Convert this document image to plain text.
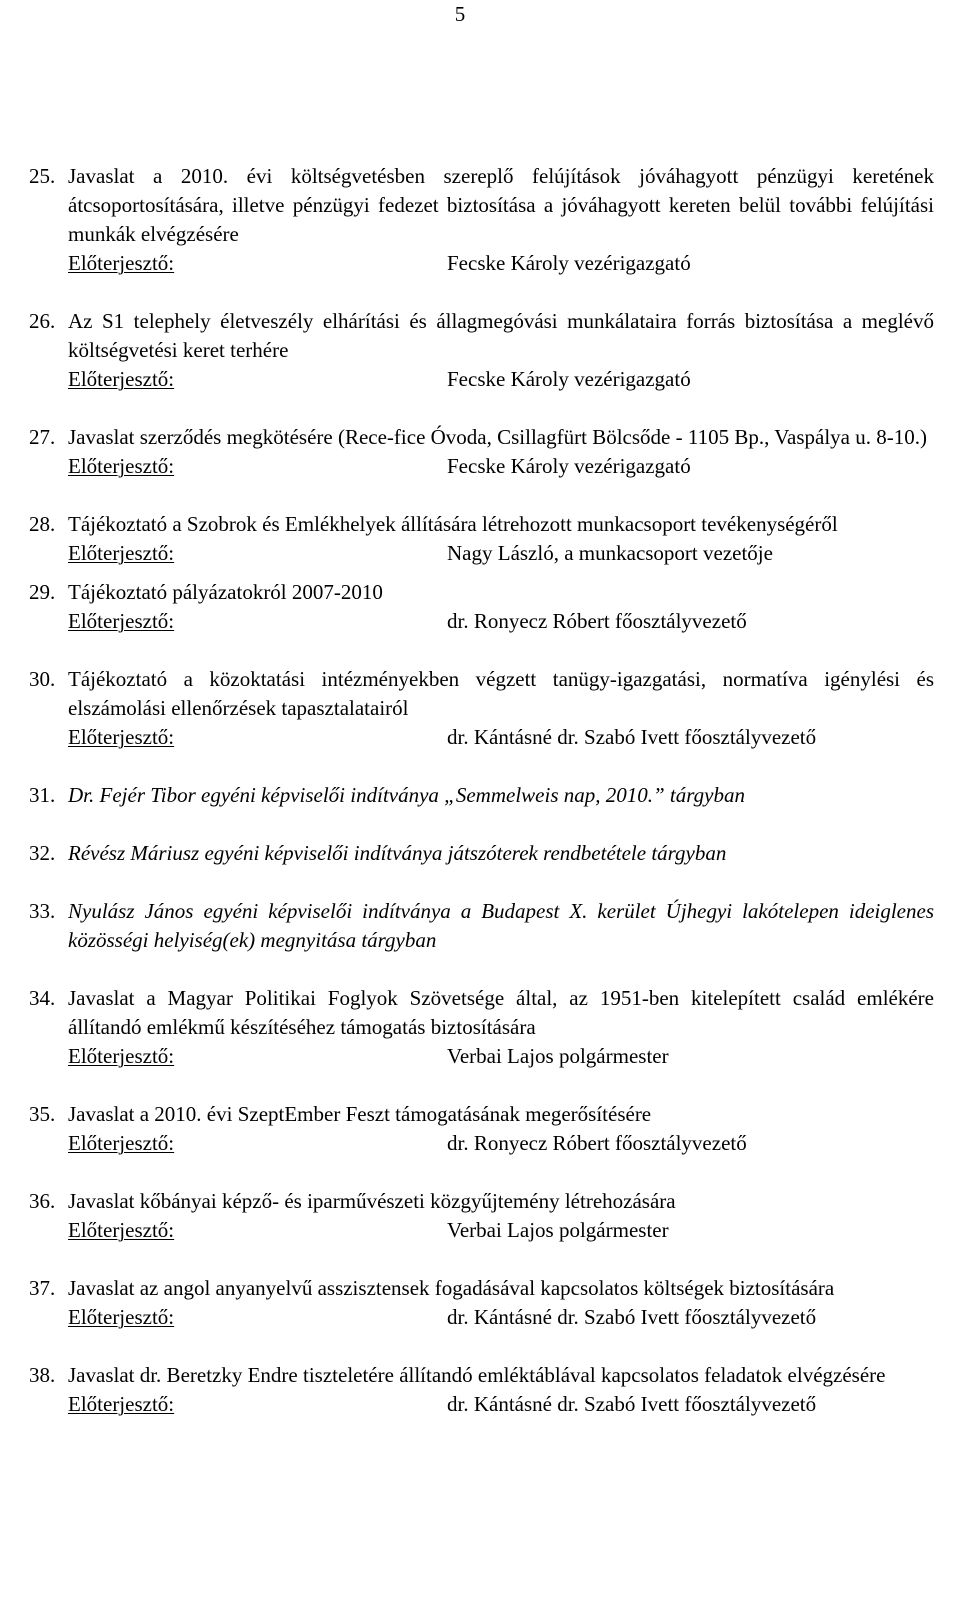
5
25. Javaslat a 2010. évi költségvetésben szereplő felújítások jóváhagyott pénzügyi keretének átcsoportosítására, illetve pénzügyi fedezet biztosítása a jóváhagyott kereten belül további felújítási munkák elvégzésére
Előterjesztő:	Fecske Károly vezérigazgató
26. Az S1 telephely életveszély elhárítási és állagmegóvási munkálataira forrás biztosítása a meglévő költségvetési keret terhére
Előterjesztő:	Fecske Károly vezérigazgató
27. Javaslat szerződés megkötésére (Rece-fice Óvoda, Csillagfürt Bölcsőde - 1105 Bp., Vaspálya u. 8-10.)
Előterjesztő:	Fecske Károly vezérigazgató
28. Tájékoztató a Szobrok és Emlékhelyek állítására létrehozott munkacsoport tevékenységéről
Előterjesztő:	Nagy László, a munkacsoport vezetője
29. Tájékoztató pályázatokról 2007-2010
Előterjesztő:	dr. Ronyecz Róbert főosztályvezető
30. Tájékoztató a közoktatási intézményekben végzett tanügy-igazgatási, normatíva igénylési és elszámolási ellenőrzések tapasztalatairól
Előterjesztő:	dr. Kántásné dr. Szabó Ivett főosztályvezető
31. Dr. Fejér Tibor egyéni képviselői indítványa „Semmelweis nap, 2010.” tárgyban
32. Révész Máriusz egyéni képviselői indítványa játszóterek rendbetétele tárgyban
33. Nyulász János egyéni képviselői indítványa a Budapest X. kerület Újhegyi lakótelepen ideiglenes közösségi helyiség(ek) megnyitása tárgyban
34. Javaslat a Magyar Politikai Foglyok Szövetsége által, az 1951-ben kitelepített család emlékére állítandó emlékmű készítéséhez támogatás biztosítására
Előterjesztő:	Verbai Lajos polgármester
35. Javaslat a 2010. évi SzeptEmber Feszt támogatásának megerősítésére
Előterjesztő:	dr. Ronyecz Róbert főosztályvezető
36. Javaslat kőbányai képző- és iparművészeti közgyűjtemény létrehozására
Előterjesztő:	Verbai Lajos polgármester
37. Javaslat az angol anyanyelvű asszisztensek fogadásával kapcsolatos költségek biztosítására
Előterjesztő:	dr. Kántásné dr. Szabó Ivett főosztályvezető
38. Javaslat dr. Beretzky Endre tiszteletére állítandó emléktáblával kapcsolatos feladatok elvégzésére
Előterjesztő:	dr. Kántásné dr. Szabó Ivett főosztályvezető
